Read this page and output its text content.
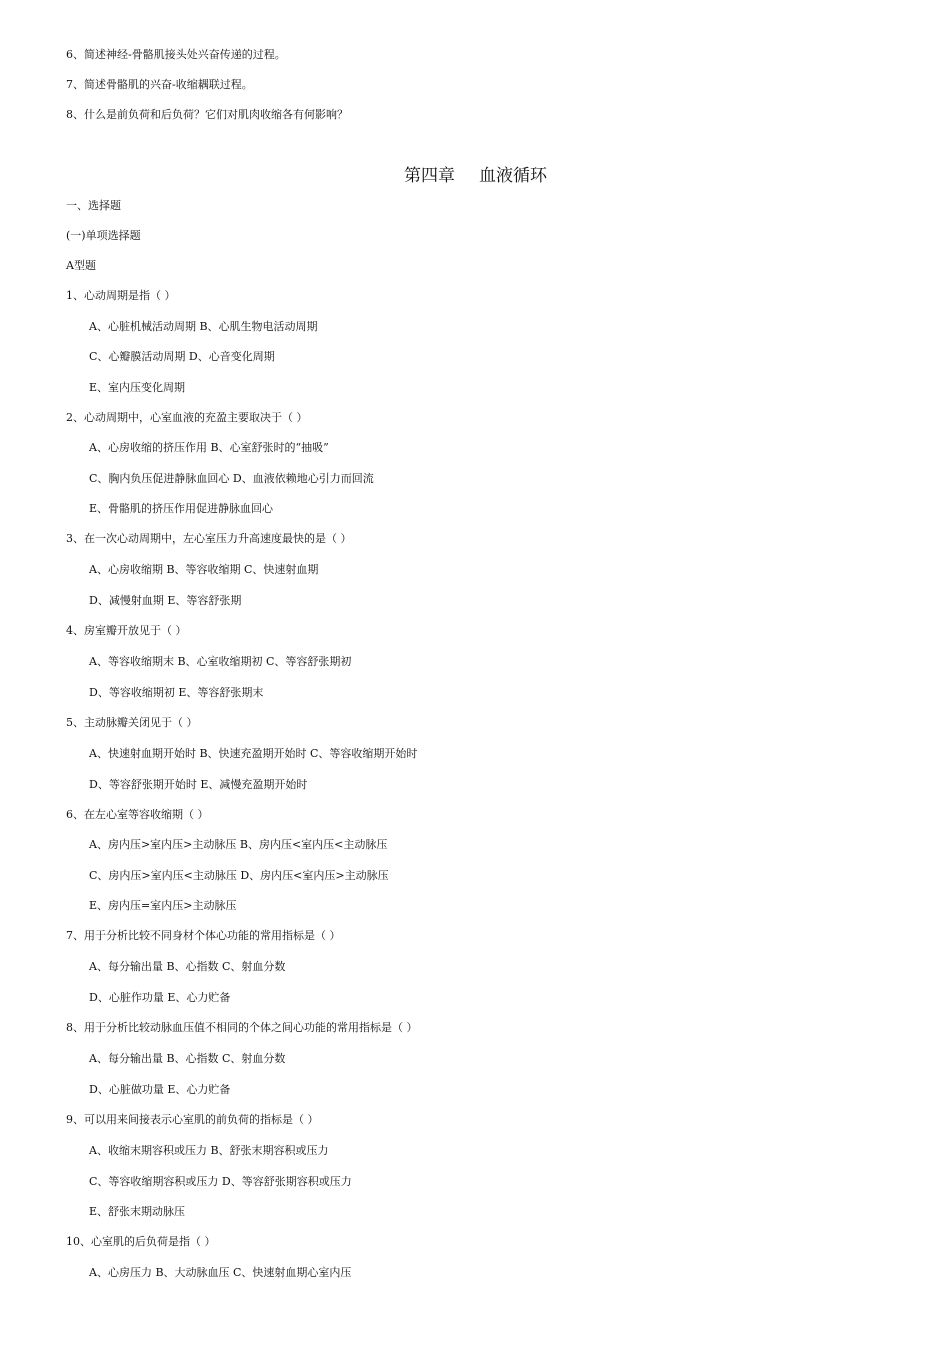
6、简述神经-骨骼肌接头处兴奋传递的过程。
7、简述骨骼肌的兴奋-收缩耦联过程。
8、什么是前负荷和后负荷？它们对肌肉收缩各有何影响？
第四章 血液循环
一、选择题
(一)单项选择题
A型题
1、心动周期是指（ ）
A、心脏机械活动周期 B、心肌生物电活动周期
C、心瓣膜活动周期 D、心音变化周期
E、室内压变化周期
2、心动周期中，心室血液的充盈主要取决于（ ）
A、心房收缩的挤压作用 B、心室舒张时的“抽吸”
C、胸内负压促进静脉血回心 D、血液依赖地心引力而回流
E、骨骼肌的挤压作用促进静脉血回心
3、在一次心动周期中，左心室压力升高速度最快的是（ ）
A、心房收缩期 B、等容收缩期 C、快速射血期
D、减慢射血期 E、等容舒张期
4、房室瓣开放见于（ ）
A、等容收缩期末 B、心室收缩期初 C、等容舒张期初
D、等容收缩期初 E、等容舒张期末
5、主动脉瓣关闭见于（ ）
A、快速射血期开始时 B、快速充盈期开始时 C、等容收缩期开始时
D、等容舒张期开始时 E、减慢充盈期开始时
6、在左心室等容收缩期（ ）
A、房内压>室内压>主动脉压 B、房内压<室内压<主动脉压
C、房内压>室内压<主动脉压 D、房内压<室内压>主动脉压
E、房内压=室内压>主动脉压
7、用于分析比较不同身材个体心功能的常用指标是（ ）
A、每分输出量 B、心指数 C、射血分数
D、心脏作功量 E、心力贮备
8、用于分析比较动脉血压值不相同的个体之间心功能的常用指标是（ ）
A、每分输出量 B、心指数 C、射血分数
D、心脏做功量 E、心力贮备
9、可以用来间接表示心室肌的前负荷的指标是（ ）
A、收缩末期容积或压力 B、舒张末期容积或压力
C、等容收缩期容积或压力 D、等容舒张期容积或压力
E、舒张末期动脉压
10、心室肌的后负荷是指（ ）
A、心房压力 B、大动脉血压 C、快速射血期心室内压
